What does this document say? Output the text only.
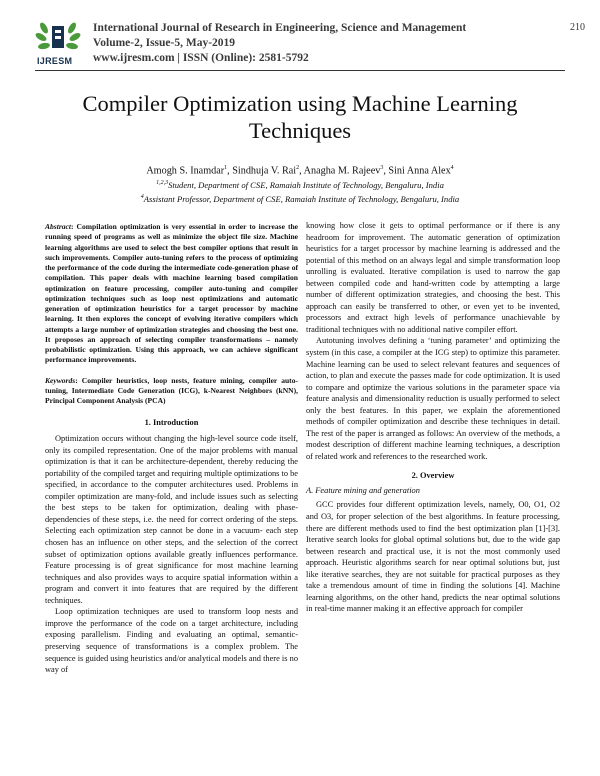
IJRESM
International Journal of Research in Engineering, Science and Management
Volume-2, Issue-5, May-2019
www.ijresm.com | ISSN (Online): 2581-5792
210
Compiler Optimization using Machine Learning
Techniques
Amogh S. Inamdar$^1$, Sindhuja V. Rai$^2$, Anagha M. Rajeev$^3$, Sini Anna Alex$^4$
$^{1,2,3}$Student, Department of CSE, Ramaiah Institute of Technology, Bengaluru, India
$^4$Assistant Professor, Department of CSE, Ramaiah Institute of Technology, Bengaluru, India

Abstract: Compilation optimization is very essential in order to increase the running speed of programs as well as minimize the object file size. Machine learning algorithms are used to select the best compiler options that result in such improvements. Compiler auto-tuning refers to the process of optimizing the performance of the code during the intermediate code-generation phase of compilation. This paper deals with machine learning based compilation optimization on feature processing, compiler auto-tuning and compiler optimization techniques such as loop nest optimizations and automatic generation of optimization heuristics for a target processor by machine learning. It then explores the concept of evolving iterative compilers which attempts a large number of optimization strategies and choosing the best one. It proposes an approach of selecting compiler transformations – namely probabilistic optimization. Using this approach, we can achieve significant performance improvements.

Keywords: Compiler heuristics, loop nests, feature mining, compiler auto-tuning, Intermediate Code Generation (ICG), k-Nearest Neighbors (kNN), Principal Component Analysis (PCA)

1. Introduction

Optimization occurs without changing the high-level source code itself, only its compiled representation. One of the major problems with manual optimization is that it can be architecture-dependent, thereby reducing the portability of the compiled target and requiring multiple optimizations to be specified, in accordance to the computer architectures used. Problems in compiler optimization are many-fold, and include issues such as selecting the best steps to be taken for optimization, dealing with phase-dependencies of these steps, i.e. the need for correct ordering of the steps. Selecting each optimization step cannot be done in a vacuum- each step chosen has an influence on other steps, and the selection of the correct subset of optimization options available greatly influences performance. Feature processing is of great significance for most machine learning techniques and also provides ways to acquire spatial information within a program and convert it into features that are required by the different techniques.

Loop optimization techniques are used to transform loop nests and improve the performance of the code on a target architecture, including exposing parallelism. Finding and evaluating an optimal, semantic-preserving sequence of transformations is a complex problem. The sequence is guided using heuristics and/or analytical models and there is no way of

knowing how close it gets to optimal performance or if there is any headroom for improvement. The automatic generation of optimization heuristics for a target processor by machine learning is addressed and the potential of this method on an always legal and simple transformation loop unrolling is evaluated. Iterative compilation is used to narrow the gap between compiled code and hand-written code by attempting a large number of different optimization strategies, and choosing the best. This approach can easily be transferred to other, or even yet to be invented, processors and extract high levels of performance unachievable by traditional techniques with no additional native compiler effort.

Autotuning involves defining a ‘tuning parameter’ and optimizing the system (in this case, a compiler at the ICG step) to optimize this parameter. Machine learning can be used to select relevant features and sequences of action, to plan and execute the passes made for code optimization. It is used to compare and optimize the various solutions in the parameter space via feature analysis and dimensionality reduction is usually performed to select only the best features. In this paper, we explain the aforementioned methods of compiler optimization and describe these techniques in detail. The rest of the paper is arranged as follows: An overview of the methods, a modest description of different machine learning techniques, a description of related work and references to the researched work.

2. Overview
A. Feature mining and generation

GCC provides four different optimization levels, namely, O0, O1, O2 and O3, for proper selection of the best algorithms. In feature processing, there are different methods used to find the best optimization plan [1]-[3]. Iterative search looks for global optimal solutions but, due to the wide gap between research and practical use, it is not the most commonly used approach. Heuristic algorithms search for near optimal solutions but, just like iterative searches, they are not suitable for practical purposes as they take a tremendous amount of time in finding the solutions [4]. Machine learning algorithms, on the other hand, predicts the near optimal solutions in real-time manner making it an effective approach for compiler
